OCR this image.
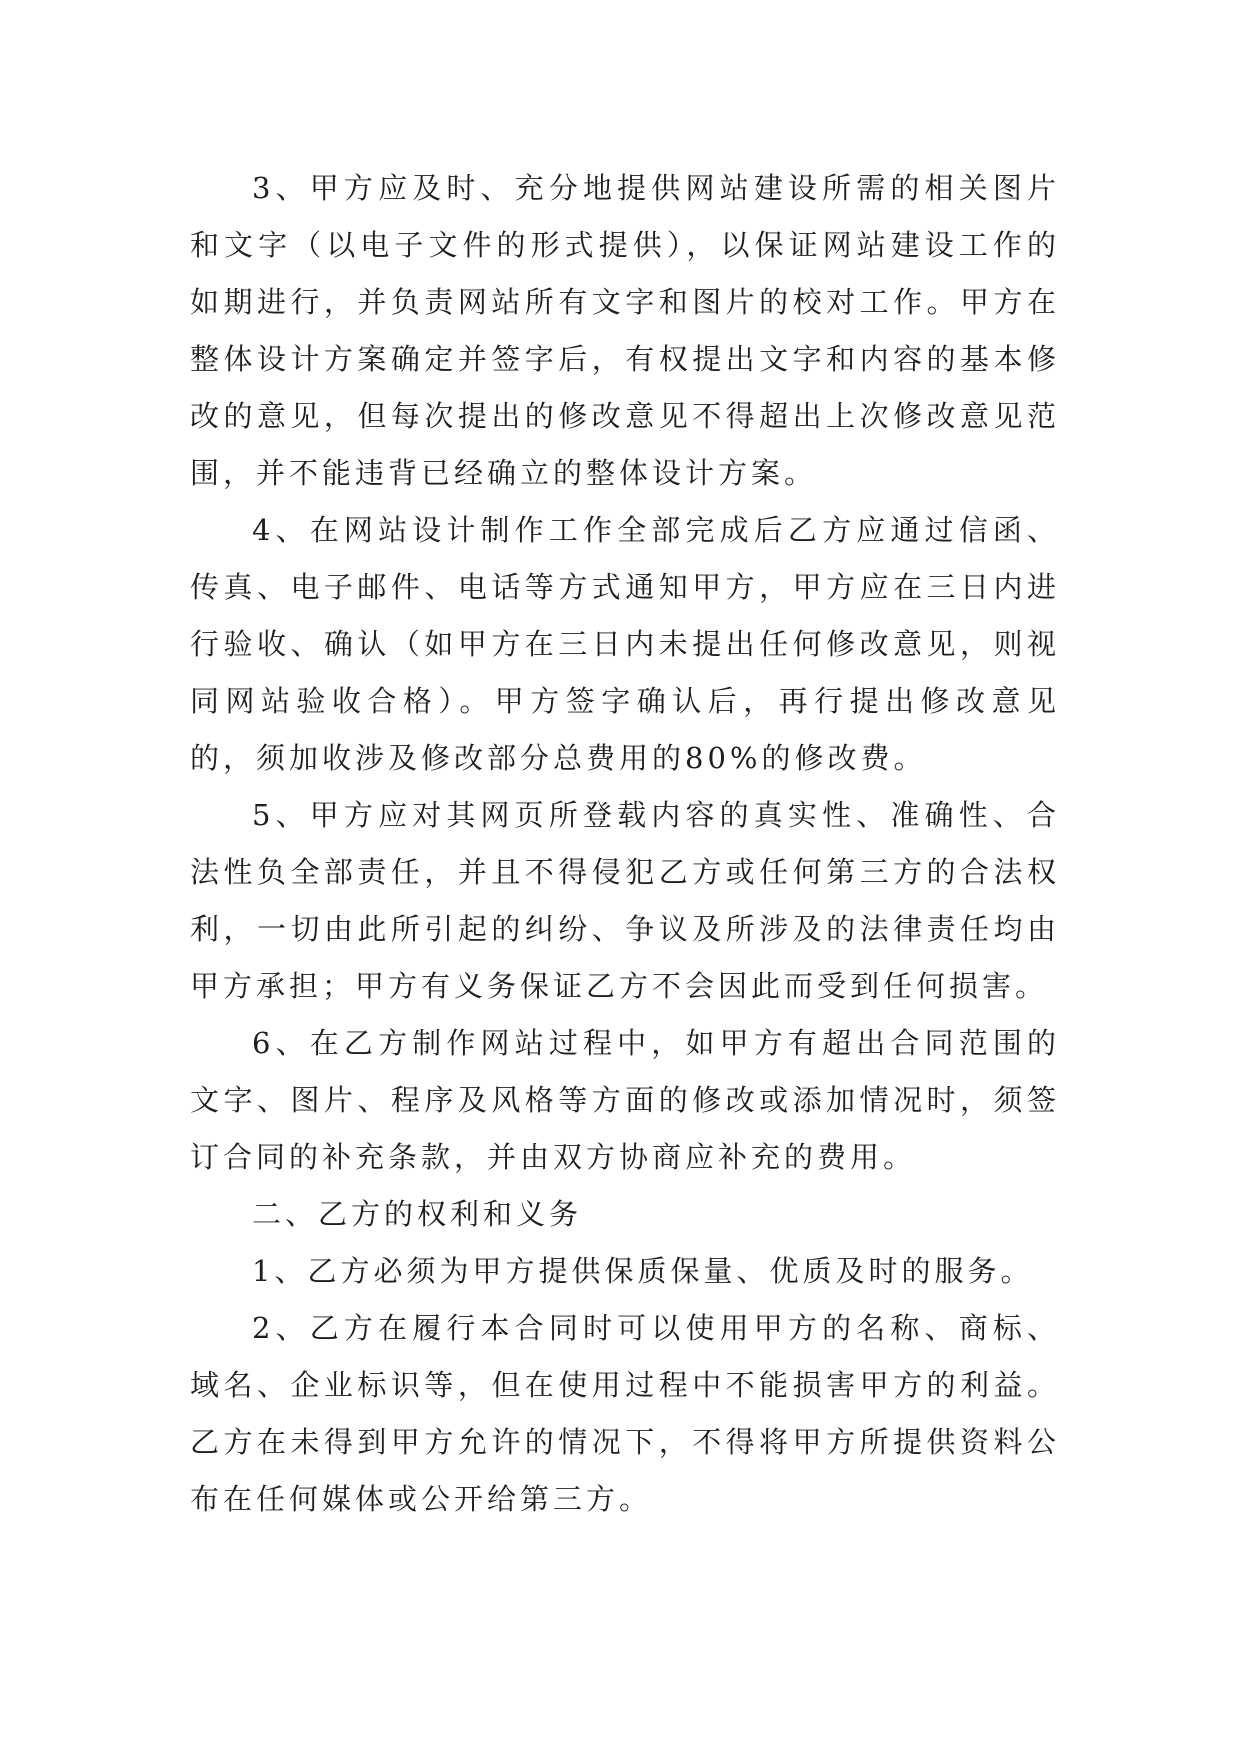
3、甲方应及时、充分地提供网站建设所需的相关图片和文字（以电子文件的形式提供），以保证网站建设工作的如期进行，并负责网站所有文字和图片的校对工作。甲方在整体设计方案确定并签字后，有权提出文字和内容的基本修改的意见，但每次提出的修改意见不得超出上次修改意见范围，并不能违背已经确立的整体设计方案。

4、在网站设计制作工作全部完成后乙方应通过信函、传真、电子邮件、电话等方式通知甲方，甲方应在三日内进行验收、确认（如甲方在三日内未提出任何修改意见，则视同网站验收合格）。甲方签字确认后，再行提出修改意见的，须加收涉及修改部分总费用的80%的修改费。

5、甲方应对其网页所登载内容的真实性、准确性、合法性负全部责任，并且不得侵犯乙方或任何第三方的合法权利，一切由此所引起的纠纷、争议及所涉及的法律责任均由甲方承担；甲方有义务保证乙方不会因此而受到任何损害。

6、在乙方制作网站过程中，如甲方有超出合同范围的文字、图片、程序及风格等方面的修改或添加情况时，须签订合同的补充条款，并由双方协商应补充的费用。

二、乙方的权利和义务

1、乙方必须为甲方提供保质保量、优质及时的服务。

2、乙方在履行本合同时可以使用甲方的名称、商标、域名、企业标识等，但在使用过程中不能损害甲方的利益。乙方在未得到甲方允许的情况下，不得将甲方所提供资料公布在任何媒体或公开给第三方。
